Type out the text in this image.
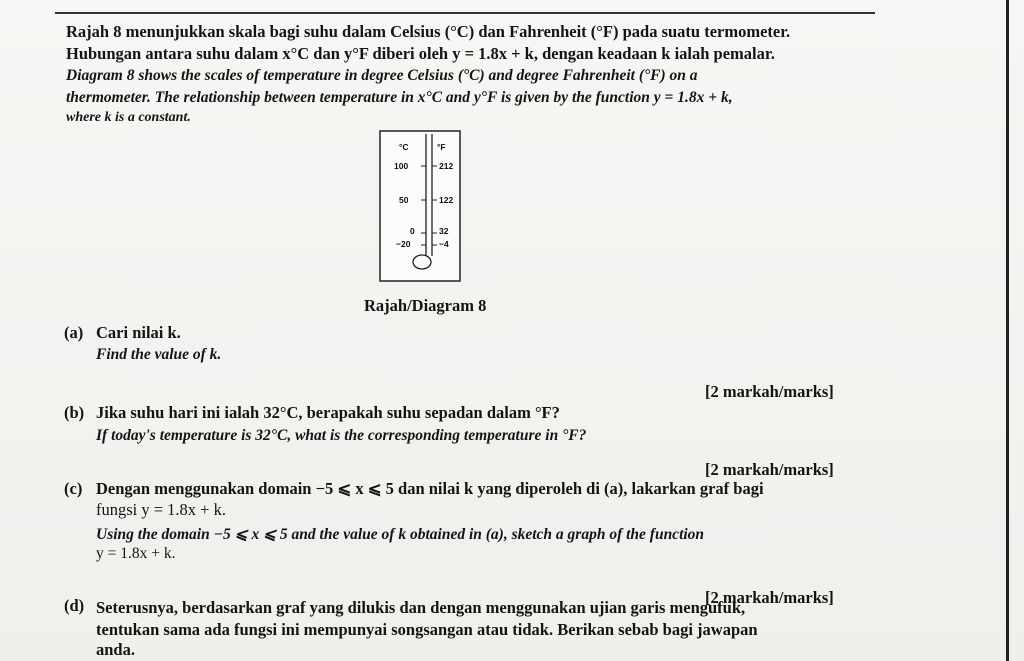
Rajah 8 menunjukkan skala bagi suhu dalam Celsius (°C) dan Fahrenheit (°F) pada suatu termometer.
Hubungan antara suhu dalam x°C dan y°F diberi oleh y = 1.8x + k, dengan keadaan k ialah pemalar.
Diagram 8 shows the scales of temperature in degree Celsius (°C) and degree Fahrenheit (°F) on a
thermometer. The relationship between temperature in x°C and y°F is given by the function y = 1.8x + k,
where k is a constant.
°C	°F
100
50
0
−20
212
122
32
−4
Rajah/Diagram 8
(a) Cari nilai k.
Find the value of k.
[2 markah/marks]
(b) Jika suhu hari ini ialah 32°C, berapakah suhu sepadan dalam °F?
If today's temperature is 32°C, what is the corresponding temperature in °F?
[2 markah/marks]
(c) Dengan menggunakan domain −5 ⩽ x ⩽ 5 dan nilai k yang diperoleh di (a), lakarkan graf bagi
fungsi y = 1.8x + k.
Using the domain −5 ⩽ x ⩽ 5 and the value of k obtained in (a), sketch a graph of the function
y = 1.8x + k.
[2 markah/marks]
(d) Seterusnya, berdasarkan graf yang dilukis dan dengan menggunakan ujian garis mengufuk,
tentukan sama ada fungsi ini mempunyai songsangan atau tidak. Berikan sebab bagi jawapan
anda.
